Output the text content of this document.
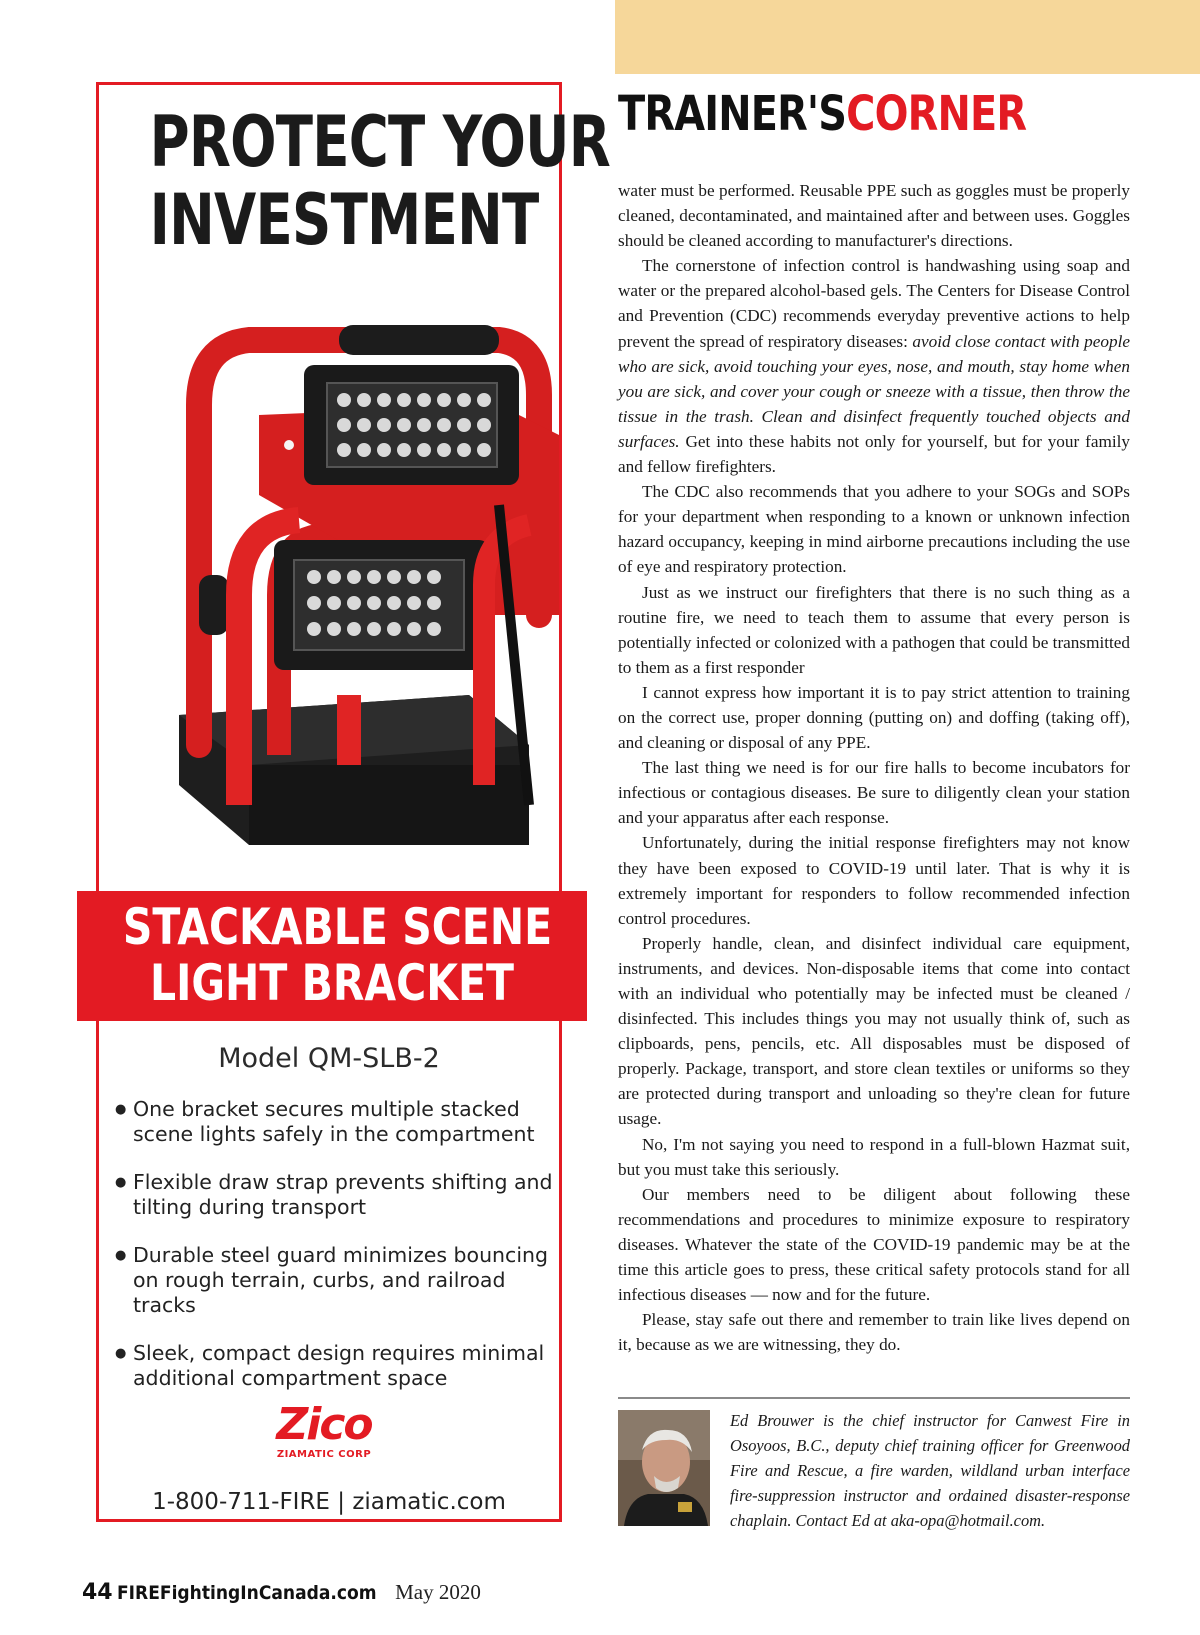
PROTECT YOUR
INVESTMENT
STACKABLE SCENE
LIGHT BRACKET
Model QM-SLB-2
● One bracket secures multiple stacked scene lights safely in the compartment
● Flexible draw strap prevents shifting and tilting during transport
● Durable steel guard minimizes bouncing on rough terrain, curbs, and railroad tracks
● Sleek, compact design requires minimal additional compartment space
Zico
ZIAMATIC CORP
1-800-711-FIRE | ziamatic.com
TRAINER'SCORNER

water must be performed. Reusable PPE such as goggles must be properly cleaned, decontaminated, and maintained after and between uses. Goggles should be cleaned according to manufacturer's directions.

The cornerstone of infection control is handwashing using soap and water or the prepared alcohol-based gels. The Centers for Disease Control and Prevention (CDC) recommends everyday preventive actions to help prevent the spread of respiratory diseases: avoid close contact with people who are sick, avoid touching your eyes, nose, and mouth, stay home when you are sick, and cover your cough or sneeze with a tissue, then throw the tissue in the trash. Clean and disinfect frequently touched objects and surfaces. Get into these habits not only for yourself, but for your family and fellow firefighters.

The CDC also recommends that you adhere to your SOGs and SOPs for your department when responding to a known or unknown infection hazard occupancy, keeping in mind airborne precautions including the use of eye and respiratory protection.

Just as we instruct our firefighters that there is no such thing as a routine fire, we need to teach them to assume that every person is potentially infected or colonized with a pathogen that could be transmitted to them as a first responder

I cannot express how important it is to pay strict attention to training on the correct use, proper donning (putting on) and doffing (taking off), and cleaning or disposal of any PPE.

The last thing we need is for our fire halls to become incubators for infectious or contagious diseases. Be sure to diligently clean your station and your apparatus after each response.

Unfortunately, during the initial response firefighters may not know they have been exposed to COVID-19 until later. That is why it is extremely important for responders to follow recommended infection control procedures.

Properly handle, clean, and disinfect individual care equipment, instruments, and devices. Non-disposable items that come into contact with an individual who potentially may be infected must be cleaned / disinfected. This includes things you may not usually think of, such as clipboards, pens, pencils, etc. All disposables must be disposed of properly. Package, transport, and store clean textiles or uniforms so they are protected during transport and unloading so they're clean for future usage.

No, I'm not saying you need to respond in a full-blown Hazmat suit, but you must take this seriously.

Our members need to be diligent about following these recommendations and procedures to minimize exposure to respiratory diseases. Whatever the state of the COVID-19 pandemic may be at the time this article goes to press, these critical safety protocols stand for all infectious diseases — now and for the future.

Please, stay safe out there and remember to train like lives depend on it, because as we are witnessing, they do.

Ed Brouwer is the chief instructor for Canwest Fire in Osoyoos, B.C., deputy chief training officer for Greenwood Fire and Rescue, a fire warden, wildland urban interface fire-suppression instructor and ordained disaster-response chaplain. Contact Ed at aka-opa@hotmail.com.
44 FIREFightingInCanada.com May 2020
